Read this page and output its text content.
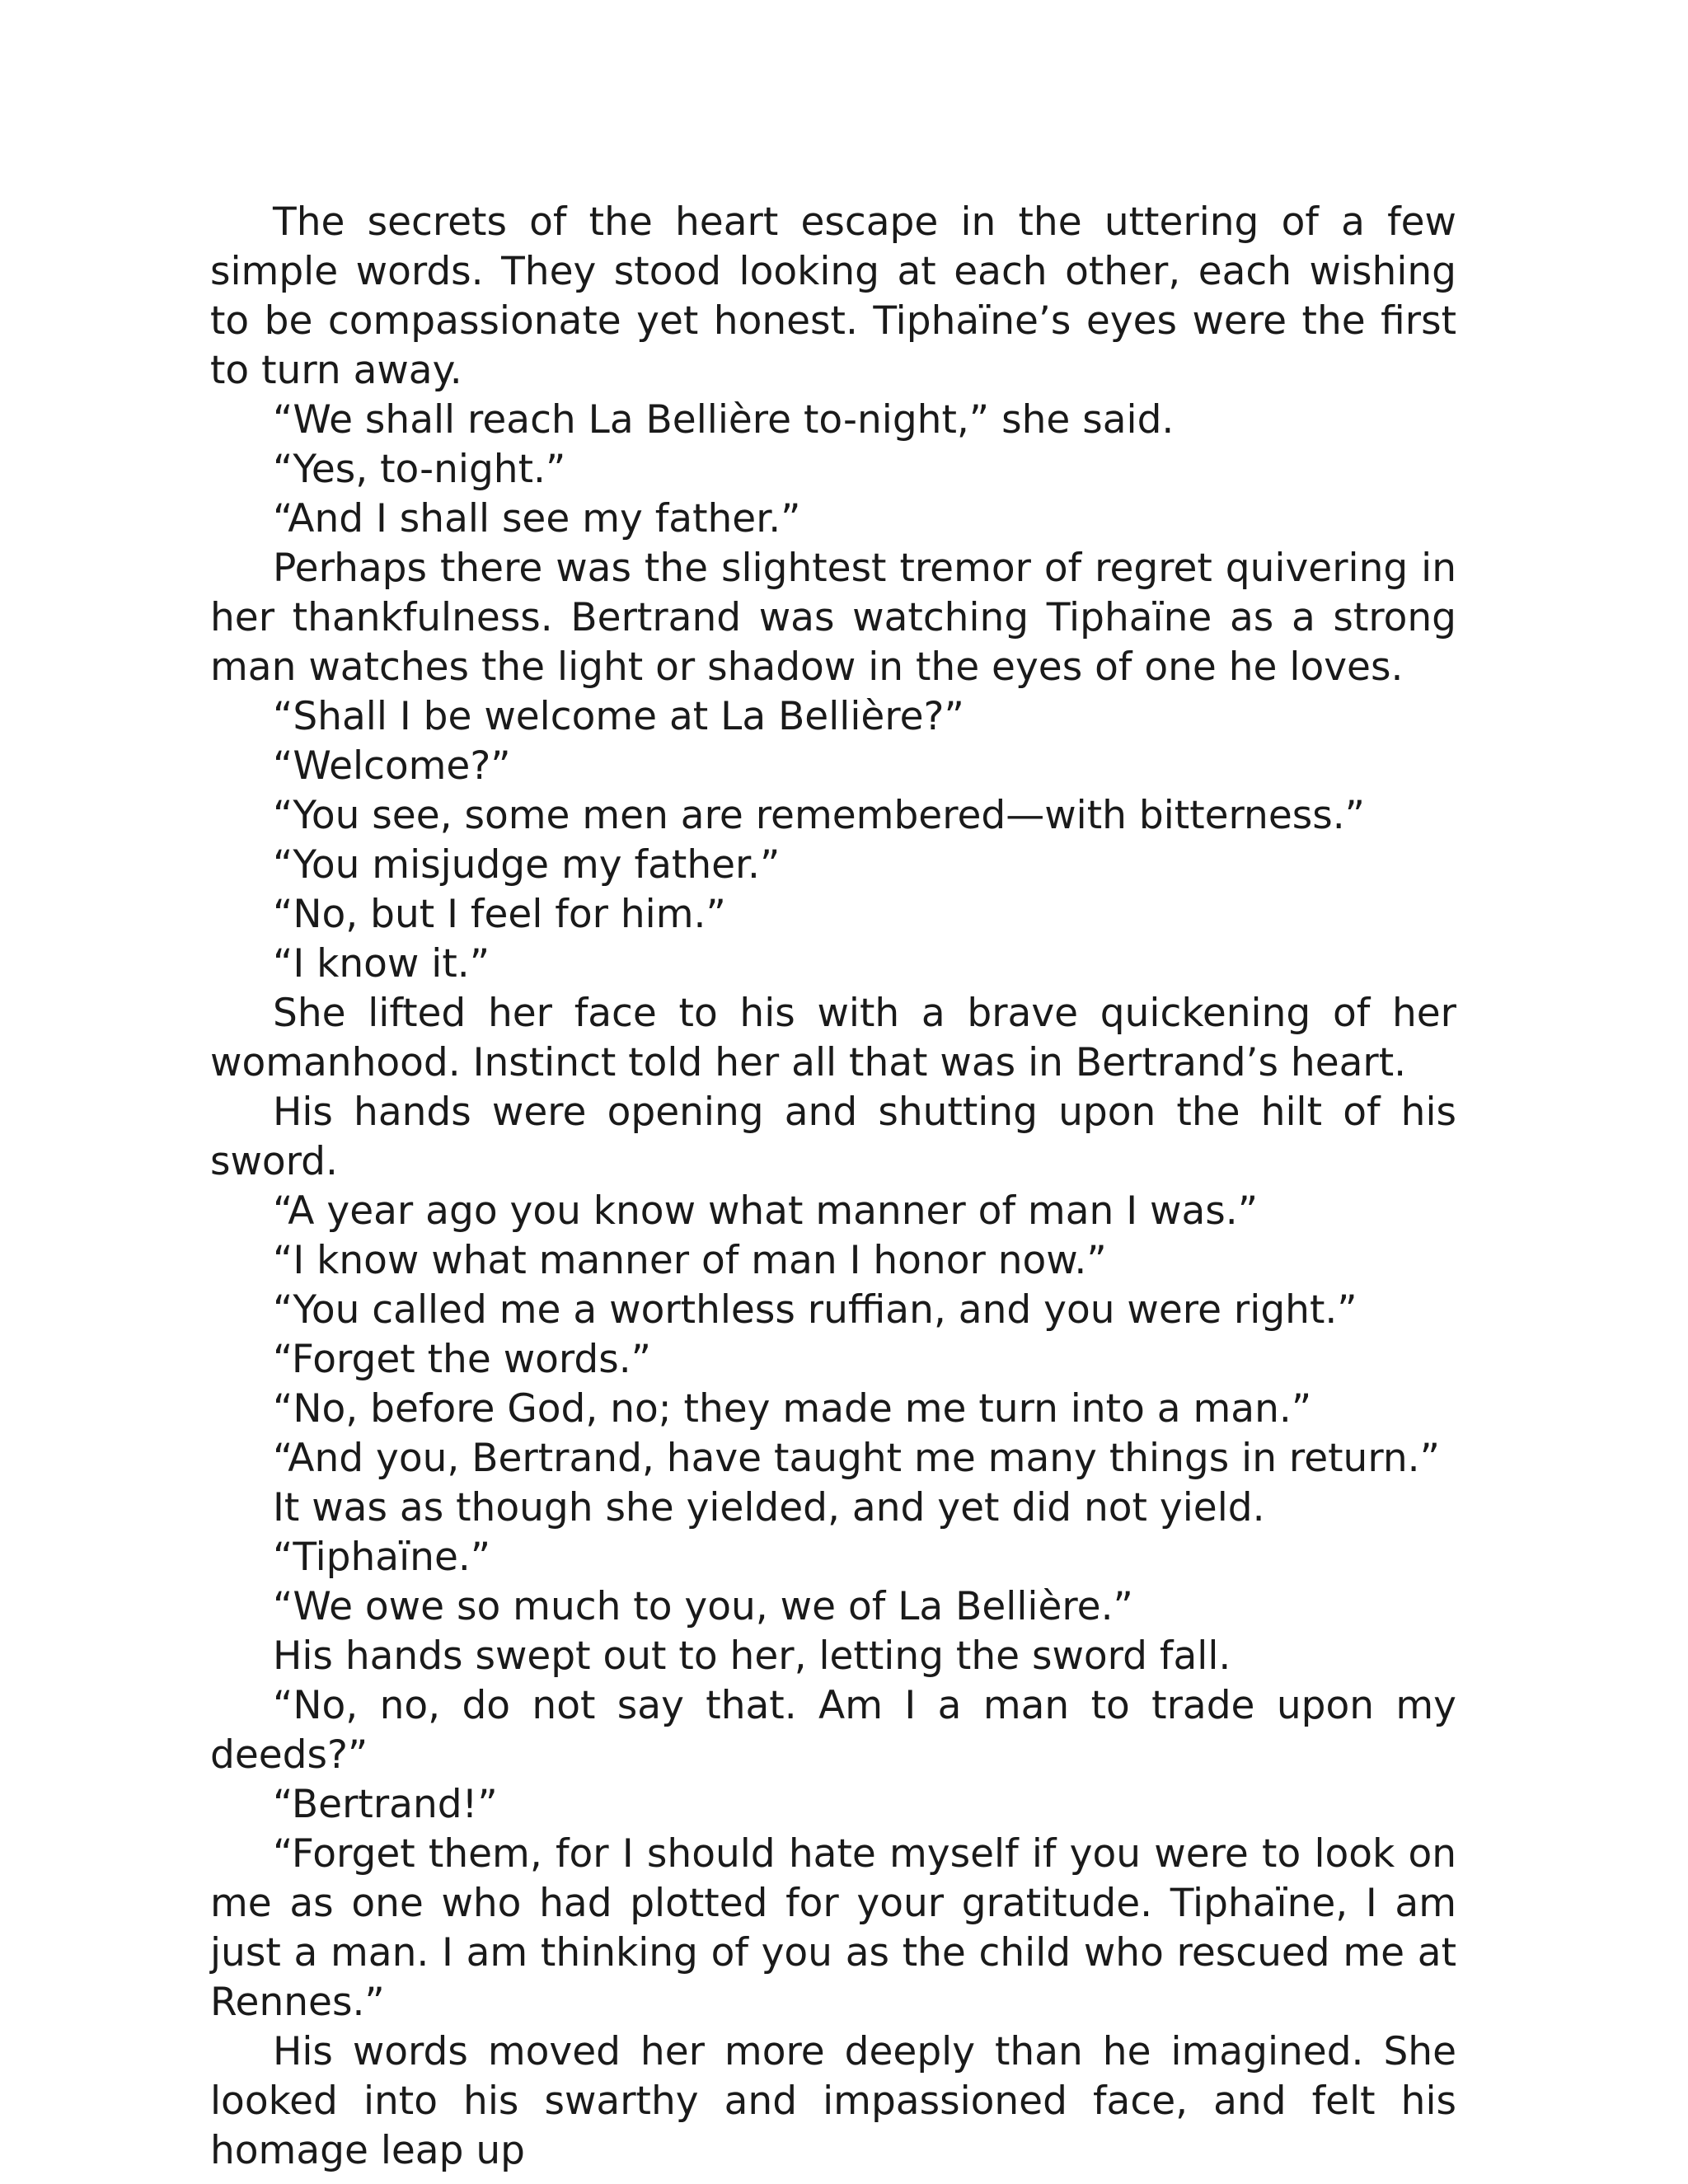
The secrets of the heart escape in the uttering of a few simple words. They stood looking at each other, each wishing to be compassionate yet honest. Tiphaïne’s eyes were the first to turn away.

“We shall reach La Bellière to-night,” she said.

“Yes, to-night.”

“And I shall see my father.”

Perhaps there was the slightest tremor of regret quivering in her thankfulness. Bertrand was watching Tiphaïne as a strong man watches the light or shadow in the eyes of one he loves.

“Shall I be welcome at La Bellière?”

“Welcome?”

“You see, some men are remembered—with bitterness.”

“You misjudge my father.”

“No, but I feel for him.”

“I know it.”

She lifted her face to his with a brave quickening of her womanhood. Instinct told her all that was in Bertrand’s heart.

His hands were opening and shutting upon the hilt of his sword.

“A year ago you know what manner of man I was.”

“I know what manner of man I honor now.”

“You called me a worthless ruffian, and you were right.”

“Forget the words.”

“No, before God, no; they made me turn into a man.”

“And you, Bertrand, have taught me many things in return.”

It was as though she yielded, and yet did not yield.

“Tiphaïne.”

“We owe so much to you, we of La Bellière.”

His hands swept out to her, letting the sword fall.

“No, no, do not say that. Am I a man to trade upon my deeds?”

“Bertrand!”

“Forget them, for I should hate myself if you were to look on me as one who had plotted for your gratitude. Tiphaïne, I am just a man. I am thinking of you as the child who rescued me at Rennes.”

His words moved her more deeply than he imagined. She looked into his swarthy and impassioned face, and felt his homage leap up
